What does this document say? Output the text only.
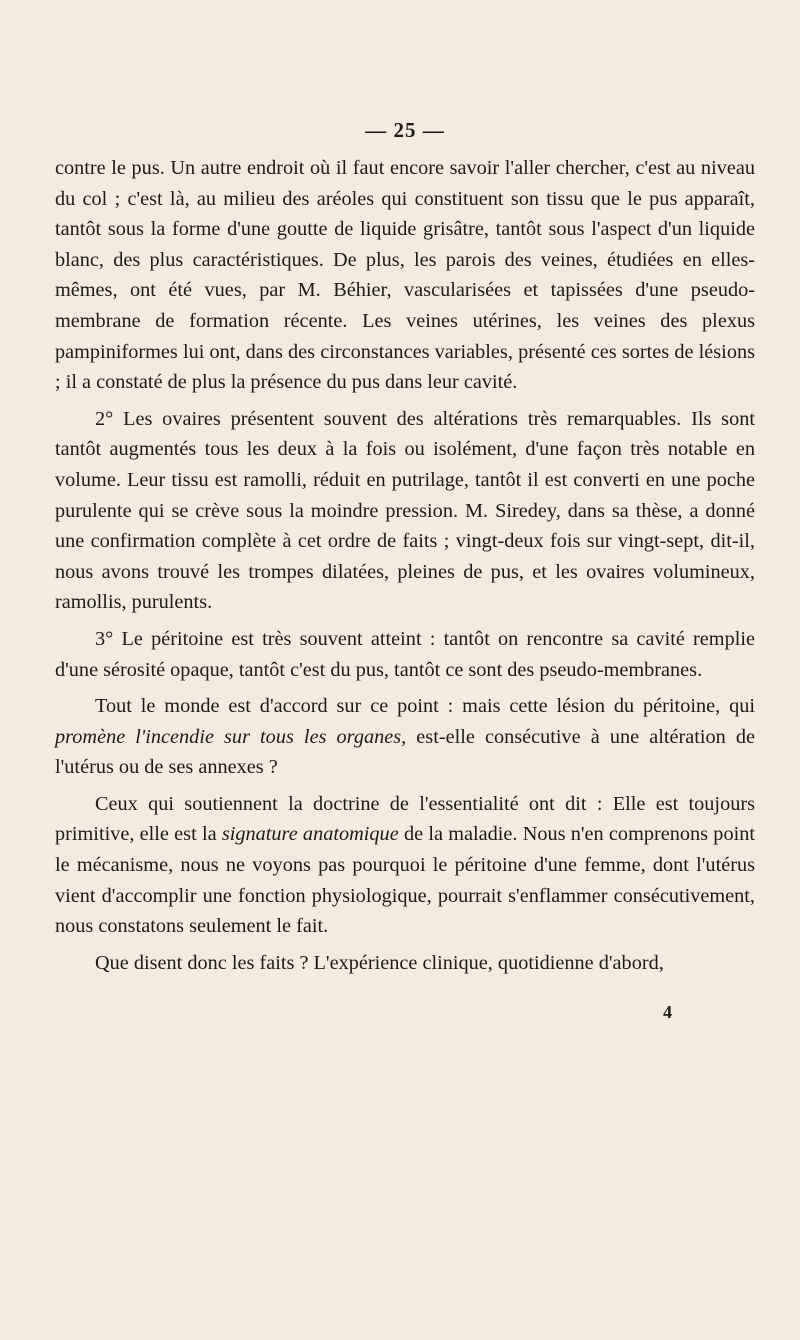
— 25 —

contre le pus. Un autre endroit où il faut encore savoir l'aller chercher, c'est au niveau du col ; c'est là, au milieu des aréoles qui constituent son tissu que le pus apparaît, tantôt sous la forme d'une goutte de liquide grisâtre, tantôt sous l'aspect d'un liquide blanc, des plus caractéristiques. De plus, les parois des veines, étudiées en elles-mêmes, ont été vues, par M. Béhier, vascularisées et tapissées d'une pseudo-membrane de formation récente. Les veines utérines, les veines des plexus pampiniformes lui ont, dans des circonstances variables, présenté ces sortes de lésions ; il a constaté de plus la présence du pus dans leur cavité.

2° Les ovaires présentent souvent des altérations très remarquables. Ils sont tantôt augmentés tous les deux à la fois ou isolément, d'une façon très notable en volume. Leur tissu est ramolli, réduit en putrilage, tantôt il est converti en une poche purulente qui se crève sous la moindre pression. M. Siredey, dans sa thèse, a donné une confirmation complète à cet ordre de faits ; vingt-deux fois sur vingt-sept, dit-il, nous avons trouvé les trompes dilatées, pleines de pus, et les ovaires volumineux, ramollis, purulents.

3° Le péritoine est très souvent atteint : tantôt on rencontre sa cavité remplie d'une sérosité opaque, tantôt c'est du pus, tantôt ce sont des pseudo-membranes.

Tout le monde est d'accord sur ce point : mais cette lésion du péritoine, qui promène l'incendie sur tous les organes, est-elle consécutive à une altération de l'utérus ou de ses annexes ?

Ceux qui soutiennent la doctrine de l'essentialité ont dit : Elle est toujours primitive, elle est la signature anatomique de la maladie. Nous n'en comprenons point le mécanisme, nous ne voyons pas pourquoi le péritoine d'une femme, dont l'utérus vient d'accomplir une fonction physiologique, pourrait s'enflammer consécutivement, nous constatons seulement le fait.

Que disent donc les faits ? L'expérience clinique, quotidienne d'abord,

4
